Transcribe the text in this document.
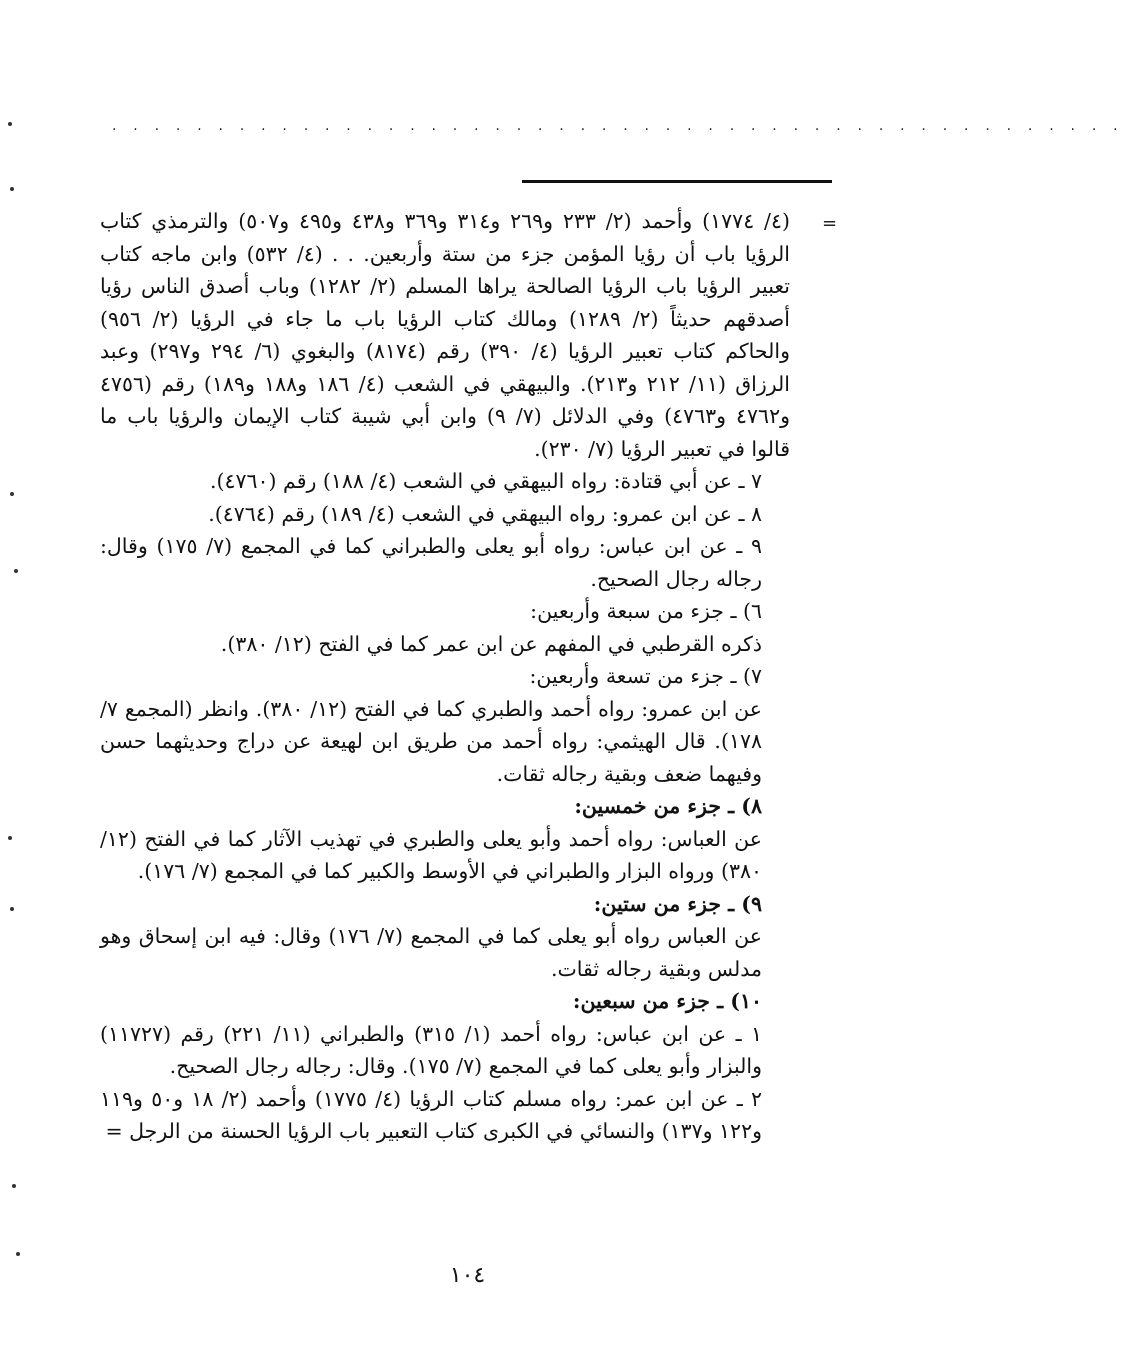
. . . . . . . . . . . . . . . . . . . . . . . . . . . . . . . . . . . . . . . . . . . . . . . .
=

(٤/ ١٧٧٤) وأحمد (٢/ ٢٣٣ و٢٦٩ و٣١٤ و٣٦٩ و٤٣٨ و٤٩٥ و٥٠٧) والترمذي كتاب الرؤيا باب أن رؤيا المؤمن جزء من ستة وأربعين. . . (٤/ ٥٣٢) وابن ماجه كتاب تعبير الرؤيا باب الرؤيا الصالحة يراها المسلم (٢/ ١٢٨٢) وباب أصدق الناس رؤيا أصدقهم حديثاً (٢/ ١٢٨٩) ومالك كتاب الرؤيا باب ما جاء في الرؤيا (٢/ ٩٥٦) والحاكم كتاب تعبير الرؤيا (٤/ ٣٩٠) رقم (٨١٧٤) والبغوي (٦/ ٢٩٤ و٢٩٧) وعبد الرزاق (١١/ ٢١٢ و٢١٣). والبيهقي في الشعب (٤/ ١٨٦ و١٨٨ و١٨٩) رقم (٤٧٥٦ و٤٧٦٢ و٤٧٦٣) وفي الدلائل (٧/ ٩) وابن أبي شيبة كتاب الإيمان والرؤيا باب ما قالوا في تعبير الرؤيا (٧/ ٢٣٠).

٧ ـ عن أبي قتادة: رواه البيهقي في الشعب (٤/ ١٨٨) رقم (٤٧٦٠).

٨ ـ عن ابن عمرو: رواه البيهقي في الشعب (٤/ ١٨٩) رقم (٤٧٦٤).

٩ ـ عن ابن عباس: رواه أبو يعلى والطبراني كما في المجمع (٧/ ١٧٥) وقال: رجاله رجال الصحيح.

٦) ـ جزء من سبعة وأربعين:

ذكره القرطبي في المفهم عن ابن عمر كما في الفتح (١٢/ ٣٨٠).

٧) ـ جزء من تسعة وأربعين:

عن ابن عمرو: رواه أحمد والطبري كما في الفتح (١٢/ ٣٨٠). وانظر (المجمع ٧/ ١٧٨). قال الهيثمي: رواه أحمد من طريق ابن لهيعة عن دراج وحديثهما حسن وفيهما ضعف وبقية رجاله ثقات.

٨) ـ جزء من خمسين:

عن العباس: رواه أحمد وأبو يعلى والطبري في تهذيب الآثار كما في الفتح (١٢/ ٣٨٠) ورواه البزار والطبراني في الأوسط والكبير كما في المجمع (٧/ ١٧٦).

٩) ـ جزء من ستين:

عن العباس رواه أبو يعلى كما في المجمع (٧/ ١٧٦) وقال: فيه ابن إسحاق وهو مدلس وبقية رجاله ثقات.

١٠) ـ جزء من سبعين:

١ ـ عن ابن عباس: رواه أحمد (١/ ٣١٥) والطبراني (١١/ ٢٢١) رقم (١١٧٢٧) والبزار وأبو يعلى كما في المجمع (٧/ ١٧٥). وقال: رجاله رجال الصحيح.

٢ ـ عن ابن عمر: رواه مسلم كتاب الرؤيا (٤/ ١٧٧٥) وأحمد (٢/ ١٨ و٥٠ و١١٩ و١٢٢ و١٣٧) والنسائي في الكبرى كتاب التعبير باب الرؤيا الحسنة من الرجل =

١٠٤
